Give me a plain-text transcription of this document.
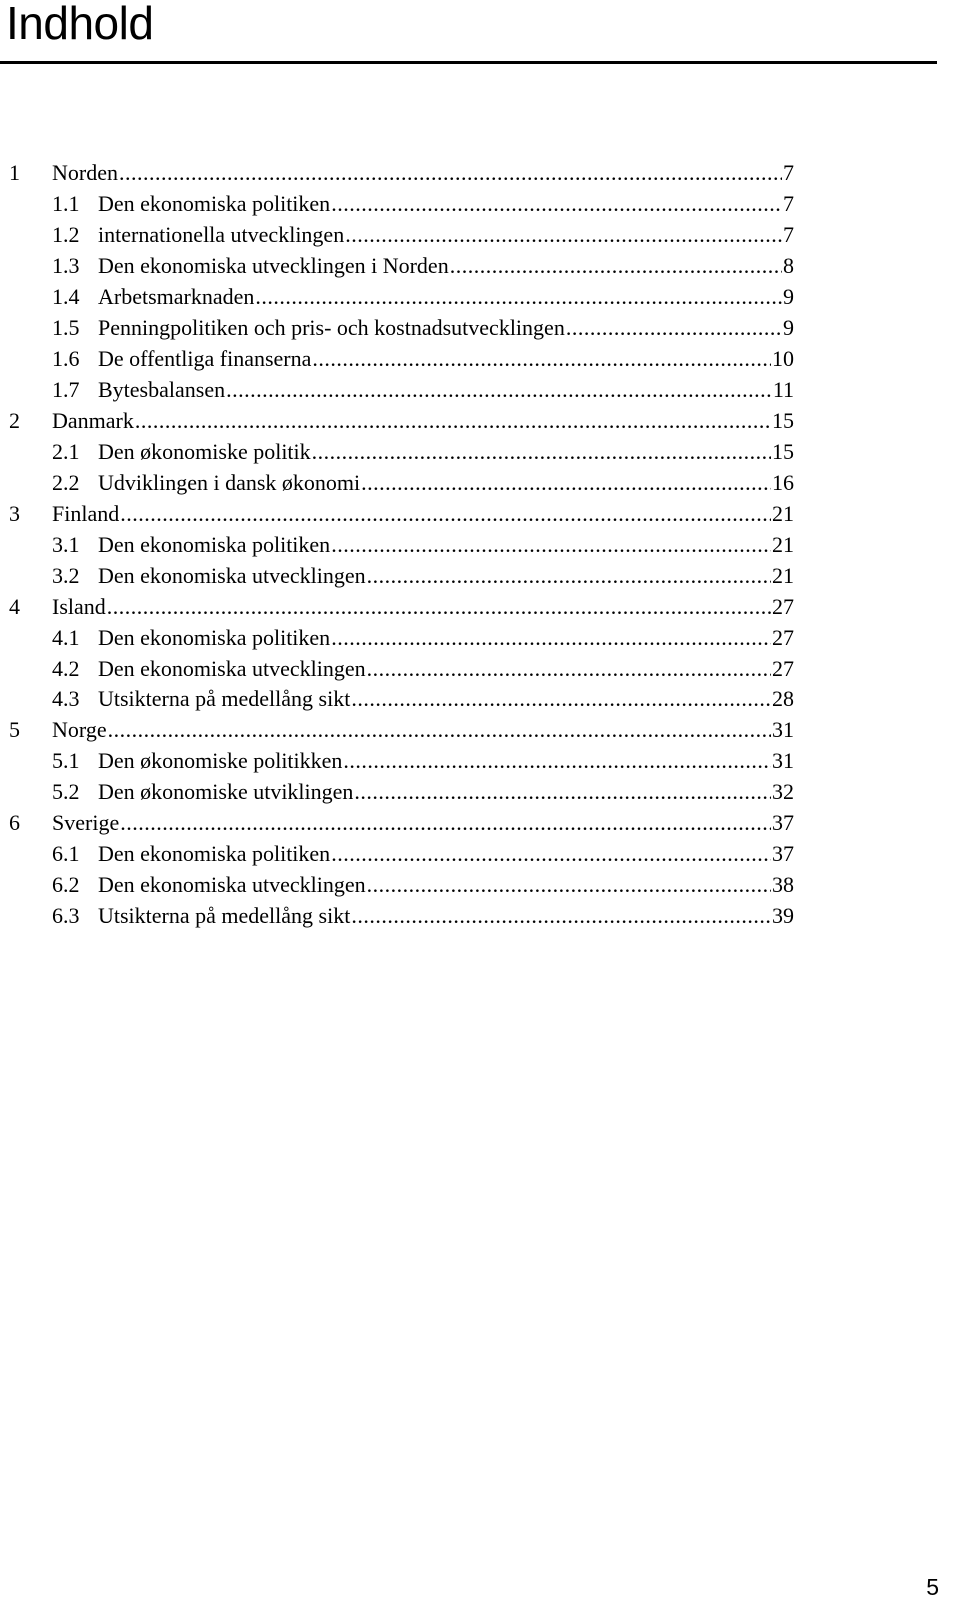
Indhold
1 Norden .....	7
1.1 Den ekonomiska politiken .....	7
1.2 internationella utvecklingen .....	7
1.3 Den ekonomiska utvecklingen i Norden .....	8
1.4 Arbetsmarknaden .....	9
1.5 Penningpolitiken och pris- och kostnadsutvecklingen .....	9
1.6 De offentliga finanserna .....	10
1.7 Bytesbalansen .....	11
2 Danmark .....	15
2.1 Den økonomiske politik .....	15
2.2 Udviklingen i dansk økonomi .....	16
3 Finland .....	21
3.1 Den ekonomiska politiken .....	21
3.2 Den ekonomiska utvecklingen .....	21
4 Island .....	27
4.1 Den ekonomiska politiken .....	27
4.2 Den ekonomiska utvecklingen .....	27
4.3 Utsikterna på medellång sikt .....	28
5 Norge .....	31
5.1 Den økonomiske politikken .....	31
5.2 Den økonomiske utviklingen .....	32
6 Sverige .....	37
6.1 Den ekonomiska politiken .....	37
6.2 Den ekonomiska utvecklingen .....	38
6.3 Utsikterna på medellång sikt .....	39
5
